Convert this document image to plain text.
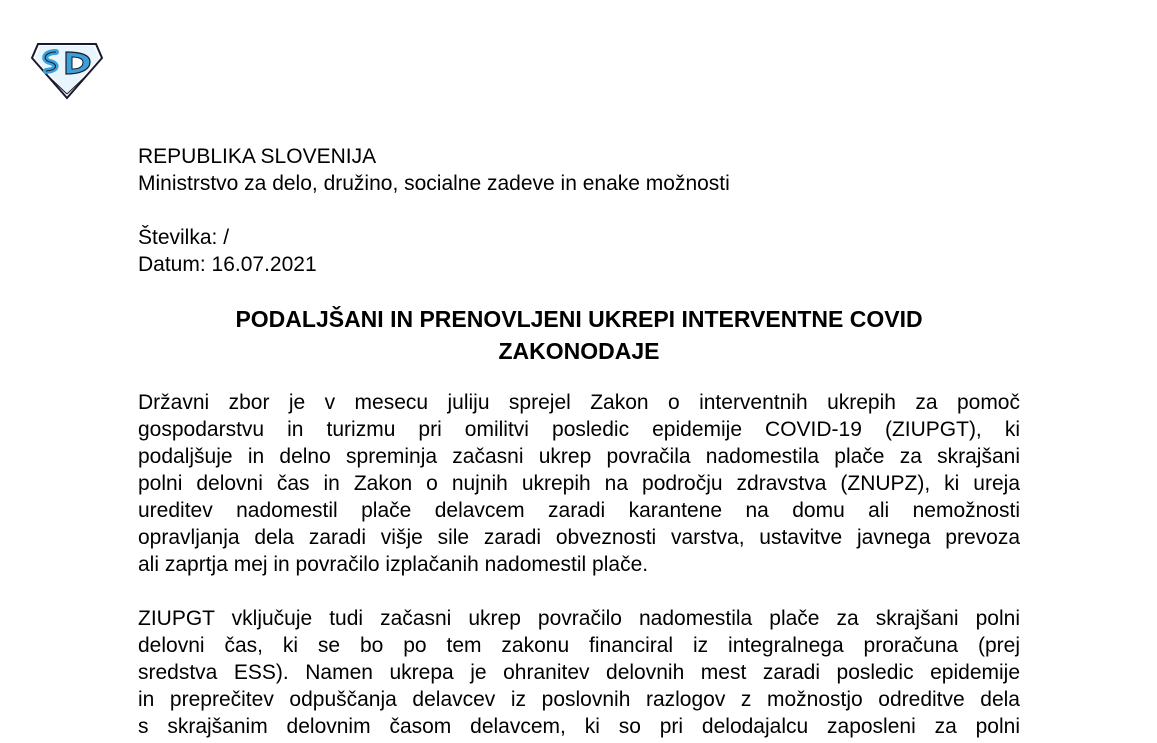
REPUBLIKA SLOVENIJA
Ministrstvo za delo, družino, socialne zadeve in enake možnosti
Številka: /
Datum: 16.07.2021
PODALJŠANI IN PRENOVLJENI UKREPI INTERVENTNE COVID
ZAKONODAJE
Državni zbor je v mesecu juliju sprejel Zakon o interventnih ukrepih za pomoč
gospodarstvu in turizmu pri omilitvi posledic epidemije COVID-19 (ZIUPGT), ki
podaljšuje in delno spreminja začasni ukrep povračila nadomestila plače za skrajšani
polni delovni čas in Zakon o nujnih ukrepih na področju zdravstva (ZNUPZ), ki ureja
ureditev nadomestil plače delavcem zaradi karantene na domu ali nemožnosti
opravljanja dela zaradi višje sile zaradi obveznosti varstva, ustavitve javnega prevoza
ali zaprtja mej in povračilo izplačanih nadomestil plače.
ZIUPGT vključuje tudi začasni ukrep povračilo nadomestila plače za skrajšani polni
delovni čas, ki se bo po tem zakonu financiral iz integralnega proračuna (prej
sredstva ESS). Namen ukrepa je ohranitev delovnih mest zaradi posledic epidemije
in preprečitev odpuščanja delavcev iz poslovnih razlogov z možnostjo odreditve dela
s skrajšanim delovnim časom delavcem, ki so pri delodajalcu zaposleni za polni
